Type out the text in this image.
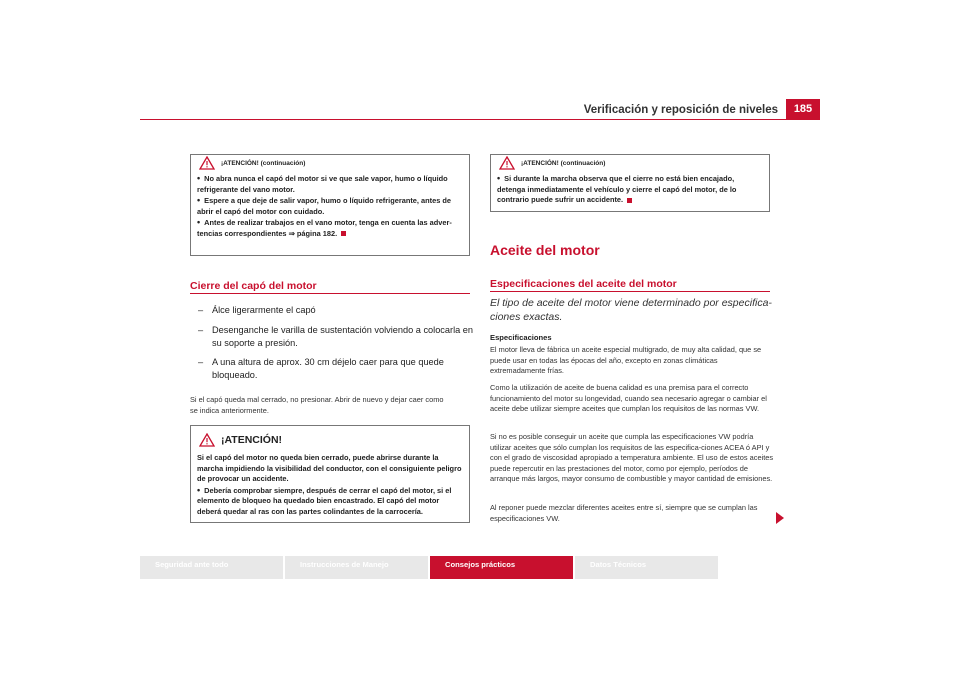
Verificación y reposición de niveles	185
¡ATENCIÓN! (continuación)

• No abra nunca el capó del motor si ve que sale vapor, humo o líquido refrigerante del vano motor.

• Espere a que deje de salir vapor, humo o líquido refrigerante, antes de abrir el capó del motor con cuidado.

• Antes de realizar trabajos en el vano motor, tenga en cuenta las adver-tencias correspondientes ⇒ página 182.

Cierre del capó del motor
– Álce ligerarmente el capó
– Desenganche le varilla de sustentación volviendo a colocarla en
su soporte a presión.
– A una altura de aprox. 30 cm déjelo caer para que quede
bloqueado.
Si el capó queda mal cerrado, no presionar. Abrir de nuevo y dejar caer como
se indica anteriormente.
¡ATENCIÓN!

Si el capó del motor no queda bien cerrado, puede abrirse durante la marcha impidiendo la visibilidad del conductor, con el consiguiente peligro de provocar un accidente.

• Debería comprobar siempre, después de cerrar el capó del motor, si el elemento de bloqueo ha quedado bien encastrado. El capó del motor deberá quedar al ras con las partes colindantes de la carrocería.

¡ATENCIÓN! (continuación)

• Si durante la marcha observa que el cierre no está bien encajado, detenga inmediatamente el vehículo y cierre el capó del motor, de lo contrario puede sufrir un accidente.

Aceite del motor
Especificaciones del aceite del motor
El tipo de aceite del motor viene determinado por especifica-
ciones exactas.
Especificaciones
El motor lleva de fábrica un aceite especial multigrado, de muy alta calidad, que se puede usar en todas las épocas del año, excepto en zonas climáticas extremadamente frías.
Como la utilización de aceite de buena calidad es una premisa para el correcto funcionamiento del motor su longevidad, cuando sea necesario agregar o cambiar el aceite debe utilizar siempre aceites que cumplan los requisitos de las normas VW.
Si no es posible conseguir un aceite que cumpla las especificaciones VW podría utilizar aceites que sólo cumplan los requisitos de las especifica-ciones ACEA ó API y con el grado de viscosidad apropiado a temperatura ambiente. El uso de estos aceites puede repercutir en las prestaciones del motor, como por ejemplo, períodos de arranque más largos, mayor consumo de combustible y mayor cantidad de emisiones.
Al reponer puede mezclar diferentes aceites entre sí, siempre que se cumplan las especificaciones VW.
Seguridad ante todo	Instrucciones de Manejo	Consejos prácticos	Datos Técnicos
